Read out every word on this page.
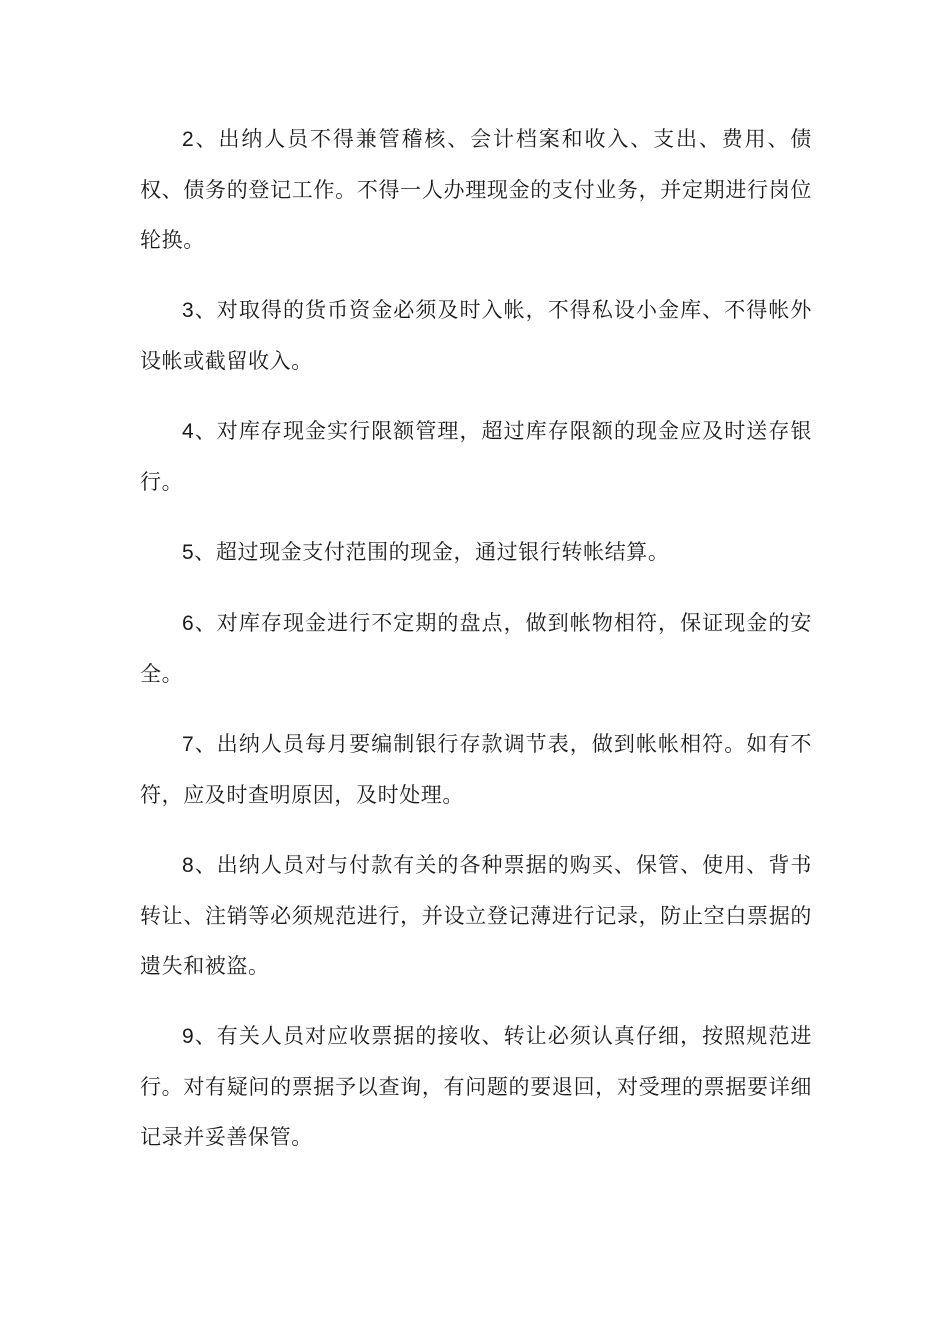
2、出纳人员不得兼管稽核、会计档案和收入、支出、费用、债权、债务的登记工作。不得一人办理现金的支付业务，并定期进行岗位轮换。

3、对取得的货币资金必须及时入帐，不得私设小金库、不得帐外设帐或截留收入。

4、对库存现金实行限额管理，超过库存限额的现金应及时送存银行。

5、超过现金支付范围的现金，通过银行转帐结算。

6、对库存现金进行不定期的盘点，做到帐物相符，保证现金的安全。

7、出纳人员每月要编制银行存款调节表，做到帐帐相符。如有不符，应及时查明原因，及时处理。

8、出纳人员对与付款有关的各种票据的购买、保管、使用、背书转让、注销等必须规范进行，并设立登记薄进行记录，防止空白票据的遗失和被盗。

9、有关人员对应收票据的接收、转让必须认真仔细，按照规范进行。对有疑问的票据予以查询，有问题的要退回，对受理的票据要详细记录并妥善保管。
